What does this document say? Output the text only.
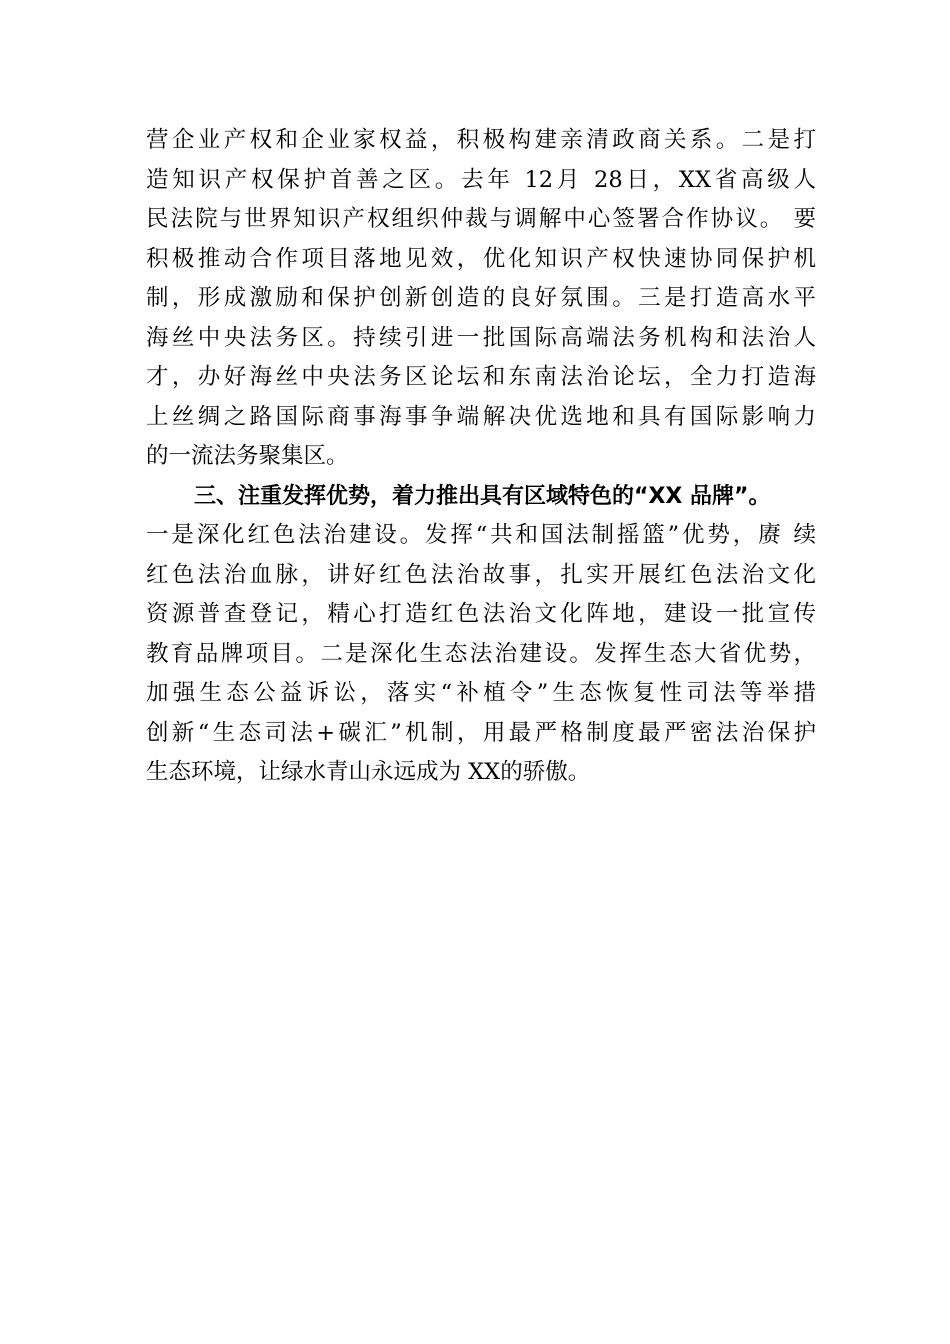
营企业产权和企业家权益，积极构建亲清政商关系。二是打
造知识产权保护首善之区。去年 12月 28日，XX省高级人
民法院与世界知识产权组织仲裁与调解中心签署合作协议。 要
积极推动合作项目落地见效，优化知识产权快速协同保护机
制，形成激励和保护创新创造的良好氛围。三是打造高水平
海丝中央法务区。持续引进一批国际高端法务机构和法治人
才，办好海丝中央法务区论坛和东南法治论坛，全力打造海
上丝绸之路国际商事海事争端解决优选地和具有国际影响力
的一流法务聚集区。
三、注重发挥优势，着力推出具有区域特色的“XX 品牌”。
一是深化红色法治建设。发挥“共和国法制摇篮”优势，赓 续
红色法治血脉，讲好红色法治故事，扎实开展红色法治文化
资源普查登记，精心打造红色法治文化阵地，建设一批宣传
教育品牌项目。二是深化生态法治建设。发挥生态大省优势，
加强生态公益诉讼，落实“补植令”生态恢复性司法等举措
创新“生态司法+碳汇”机制，用最严格制度最严密法治保护
生态环境，让绿水青山永远成为 XX的骄傲。
